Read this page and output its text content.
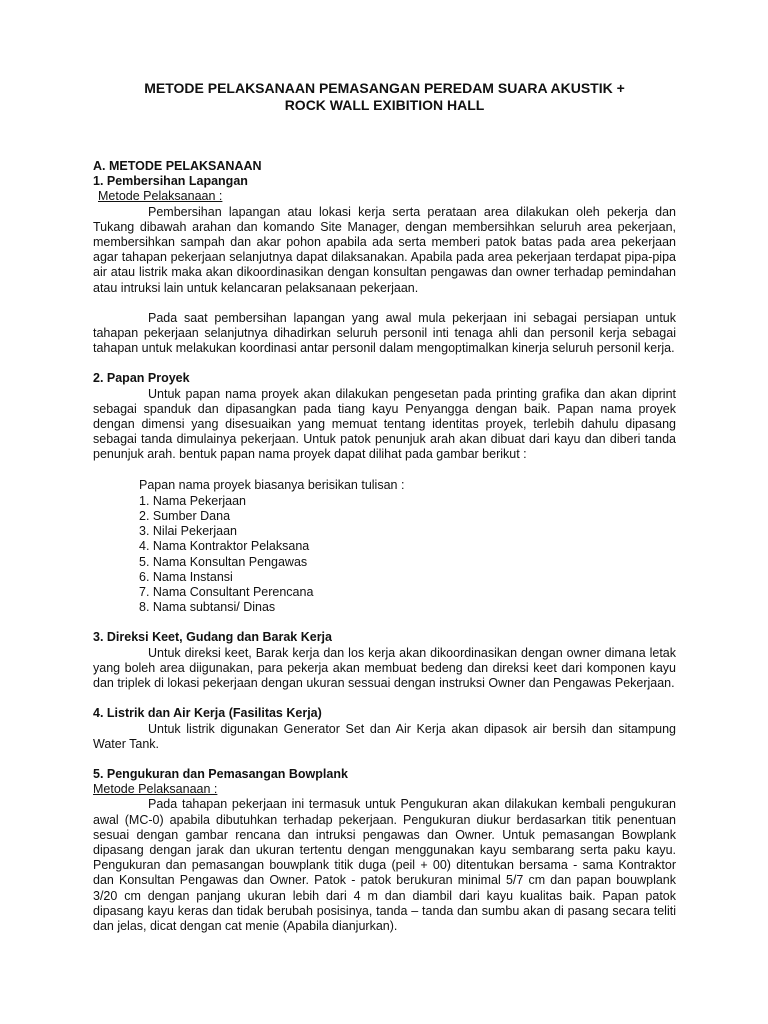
METODE PELAKSANAAN PEMASANGAN PEREDAM SUARA AKUSTIK +
ROCK WALL EXIBITION HALL
A. METODE PELAKSANAAN
1. Pembersihan Lapangan
Metode Pelaksanaan :

Pembersihan lapangan atau lokasi kerja serta perataan area dilakukan oleh pekerja dan Tukang dibawah arahan dan komando Site Manager, dengan membersihkan seluruh area pekerjaan, membersihkan sampah dan akar pohon apabila ada serta memberi patok batas pada area pekerjaan agar tahapan pekerjaan selanjutnya dapat dilaksanakan. Apabila pada area pekerjaan terdapat pipa-pipa air atau listrik maka akan dikoordinasikan dengan konsultan pengawas dan owner terhadap pemindahan atau intruksi lain untuk kelancaran pelaksanaan pekerjaan.

Pada saat pembersihan lapangan yang awal mula pekerjaan ini sebagai persiapan untuk tahapan pekerjaan selanjutnya dihadirkan seluruh personil inti tenaga ahli dan personil kerja sebagai tahapan untuk melakukan koordinasi antar personil dalam mengoptimalkan kinerja seluruh personil kerja.

2. Papan Proyek

Untuk papan nama proyek akan dilakukan pengesetan pada printing grafika dan akan diprint sebagai spanduk dan dipasangkan pada tiang kayu Penyangga dengan baik. Papan nama proyek dengan dimensi yang disesuaikan yang memuat tentang identitas proyek, terlebih dahulu dipasang sebagai tanda dimulainya pekerjaan. Untuk patok penunjuk arah akan dibuat dari kayu dan diberi tanda penunjuk arah. bentuk papan nama proyek dapat dilihat pada gambar berikut :

Papan nama proyek biasanya berisikan tulisan :
1. Nama Pekerjaan
2. Sumber Dana
3. Nilai Pekerjaan
4. Nama Kontraktor Pelaksana
5. Nama Konsultan Pengawas
6. Nama Instansi
7. Nama Consultant Perencana
8. Nama subtansi/ Dinas
3. Direksi Keet, Gudang dan Barak Kerja

Untuk direksi keet, Barak kerja dan los kerja akan dikoordinasikan dengan owner dimana letak yang boleh area diigunakan, para pekerja akan membuat bedeng dan direksi keet dari komponen kayu dan triplek di lokasi pekerjaan dengan ukuran sessuai dengan instruksi Owner dan Pengawas Pekerjaan.

4. Listrik dan Air Kerja (Fasilitas Kerja)

Untuk listrik digunakan Generator Set dan Air Kerja akan dipasok air bersih dan sitampung Water Tank.

5. Pengukuran dan Pemasangan Bowplank
Metode Pelaksanaan :

Pada tahapan pekerjaan ini termasuk untuk Pengukuran akan dilakukan kembali pengukuran awal (MC-0) apabila dibutuhkan terhadap pekerjaan. Pengukuran diukur berdasarkan titik penentuan sesuai dengan gambar rencana dan intruksi pengawas dan Owner. Untuk pemasangan Bowplank dipasang dengan jarak dan ukuran tertentu dengan menggunakan kayu sembarang serta paku kayu. Pengukuran dan pemasangan bouwplank titik duga (peil + 00) ditentukan bersama - sama Kontraktor dan Konsultan Pengawas dan Owner. Patok - patok berukuran minimal 5/7 cm dan papan bouwplank 3/20 cm dengan panjang ukuran lebih dari 4 m dan diambil dari kayu kualitas baik. Papan patok dipasang kayu keras dan tidak berubah posisinya, tanda – tanda dan sumbu akan di pasang secara teliti dan jelas, dicat dengan cat menie (Apabila dianjurkan).
